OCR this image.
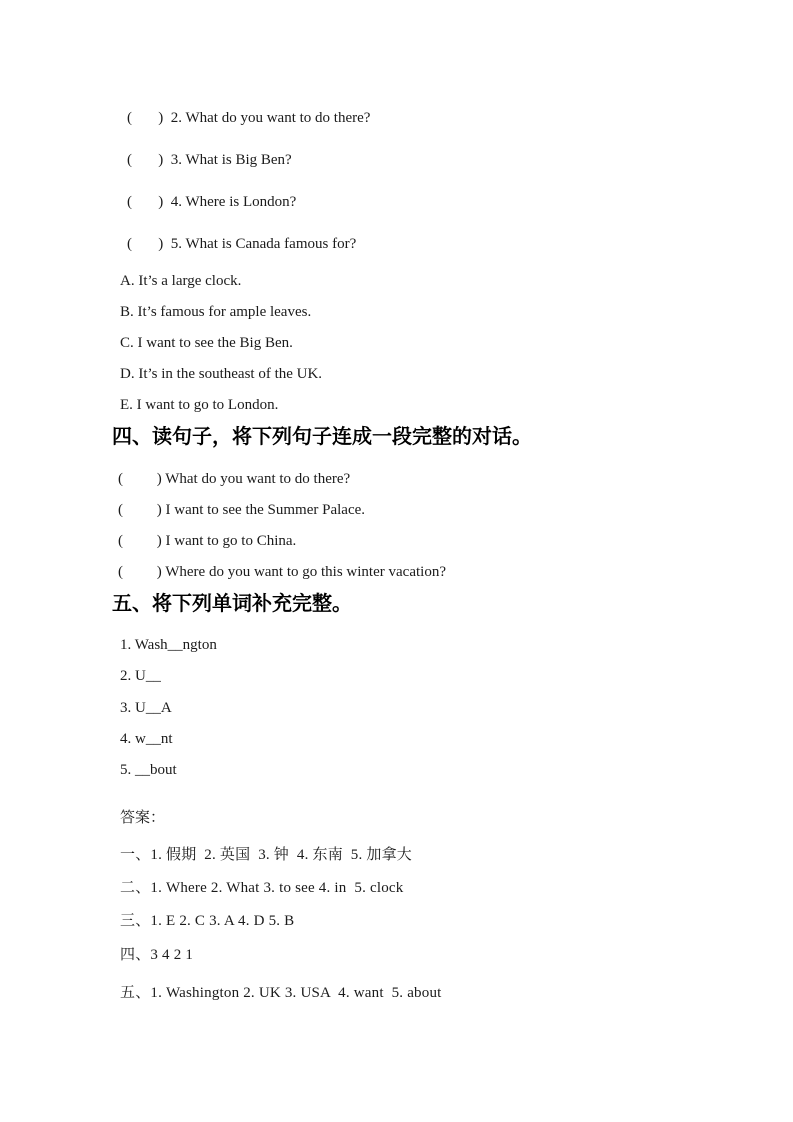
(       )  2. What do you want to do there?
(       )  3. What is Big Ben?
(       )  4. Where is London?
(       )  5. What is Canada famous for?
A. It’s a large clock.
B. It’s famous for ample leaves.
C. I want to see the Big Ben.
D. It’s in the southeast of the UK.
E. I want to go to London.
四、读句子，将下列句子连成一段完整的对话。
(         ) What do you want to do there?
(         ) I want to see the Summer Palace.
(         ) I want to go to China.
(         ) Where do you want to go this winter vacation?
五、将下列单词补充完整。
1. Wash__ngton
2. U__
3. U__A
4. w__nt
5. __bout
答案：
一、1. 假期  2. 英国  3. 钟  4. 东南  5. 加拿大
二、1. Where 2. What 3. to see 4. in  5. clock
三、1. E 2. C 3. A 4. D 5. B
四、3 4 2 1
五、1. Washington 2. UK 3. USA  4. want  5. about
